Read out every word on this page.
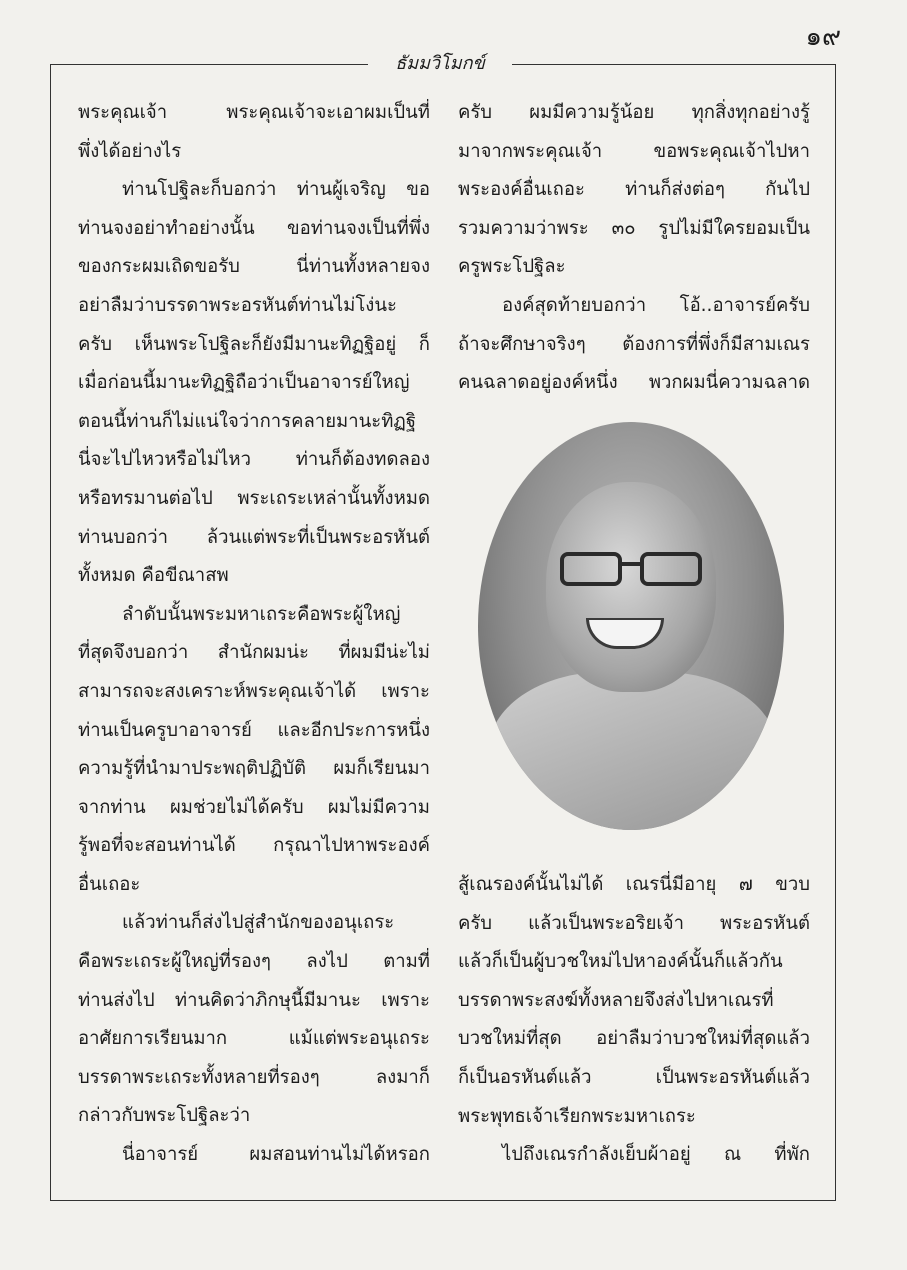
๑๙
ธัมมวิโมกข์

พระคุณเจ้า พระคุณเจ้าจะเอาผมเป็นที่

พึ่งได้อย่างไร

ท่านโปฐิละก็บอกว่า ท่านผู้เจริญ ขอ

ท่านจงอย่าทำอย่างนั้น ขอท่านจงเป็นที่พึ่ง

ของกระผมเถิดขอรับ นี่ท่านทั้งหลายจง

อย่าลืมว่าบรรดาพระอรหันต์ท่านไม่โง่นะ

ครับ เห็นพระโปฐิละก็ยังมีมานะทิฏฐิอยู่ ก็

เมื่อก่อนนี้มานะทิฏฐิถือว่าเป็นอาจารย์ใหญ่

ตอนนี้ท่านก็ไม่แน่ใจว่าการคลายมานะทิฏฐิ

นี่จะไปไหวหรือไม่ไหว ท่านก็ต้องทดลอง

หรือทรมานต่อไป พระเถระเหล่านั้นทั้งหมด

ท่านบอกว่า ล้วนแต่พระที่เป็นพระอรหันต์

ทั้งหมด คือขีณาสพ

ลำดับนั้นพระมหาเถระคือพระผู้ใหญ่

ที่สุดจึงบอกว่า สำนักผมน่ะ ที่ผมมีน่ะไม่

สามารถจะสงเคราะห์พระคุณเจ้าได้ เพราะ

ท่านเป็นครูบาอาจารย์ และอีกประการหนึ่ง

ความรู้ที่นำมาประพฤติปฏิบัติ ผมก็เรียนมา

จากท่าน ผมช่วยไม่ได้ครับ ผมไม่มีความ

รู้พอที่จะสอนท่านได้ กรุณาไปหาพระองค์

อื่นเถอะ

แล้วท่านก็ส่งไปสู่สำนักของอนุเถระ

คือพระเถระผู้ใหญ่ที่รองๆ ลงไป ตามที่

ท่านส่งไป ท่านคิดว่าภิกษุนี้มีมานะ เพราะ

อาศัยการเรียนมาก แม้แต่พระอนุเถระ

บรรดาพระเถระทั้งหลายที่รองๆ ลงมาก็

กล่าวกับพระโปฐิละว่า

นี่อาจารย์ ผมสอนท่านไม่ได้หรอก

ครับ ผมมีความรู้น้อย ทุกสิ่งทุกอย่างรู้

มาจากพระคุณเจ้า ขอพระคุณเจ้าไปหา

พระองค์อื่นเถอะ ท่านก็ส่งต่อๆ กันไป

รวมความว่าพระ ๓๐ รูปไม่มีใครยอมเป็น

ครูพระโปฐิละ

องค์สุดท้ายบอกว่า โอ้..อาจารย์ครับ

ถ้าจะศึกษาจริงๆ ต้องการที่พึ่งก็มีสามเณร

คนฉลาดอยู่องค์หนึ่ง พวกผมนี่ความฉลาด

สู้เณรองค์นั้นไม่ได้ เณรนี่มีอายุ ๗ ขวบ

ครับ แล้วเป็นพระอริยเจ้า พระอรหันต์

แล้วก็เป็นผู้บวชใหม่ไปหาองค์นั้นก็แล้วกัน

บรรดาพระสงฆ์ทั้งหลายจึงส่งไปหาเณรที่

บวชใหม่ที่สุด อย่าลืมว่าบวชใหม่ที่สุดแล้ว

ก็เป็นอรหันต์แล้ว เป็นพระอรหันต์แล้ว

พระพุทธเจ้าเรียกพระมหาเถระ

ไปถึงเณรกำลังเย็บผ้าอยู่ ณ ที่พัก
